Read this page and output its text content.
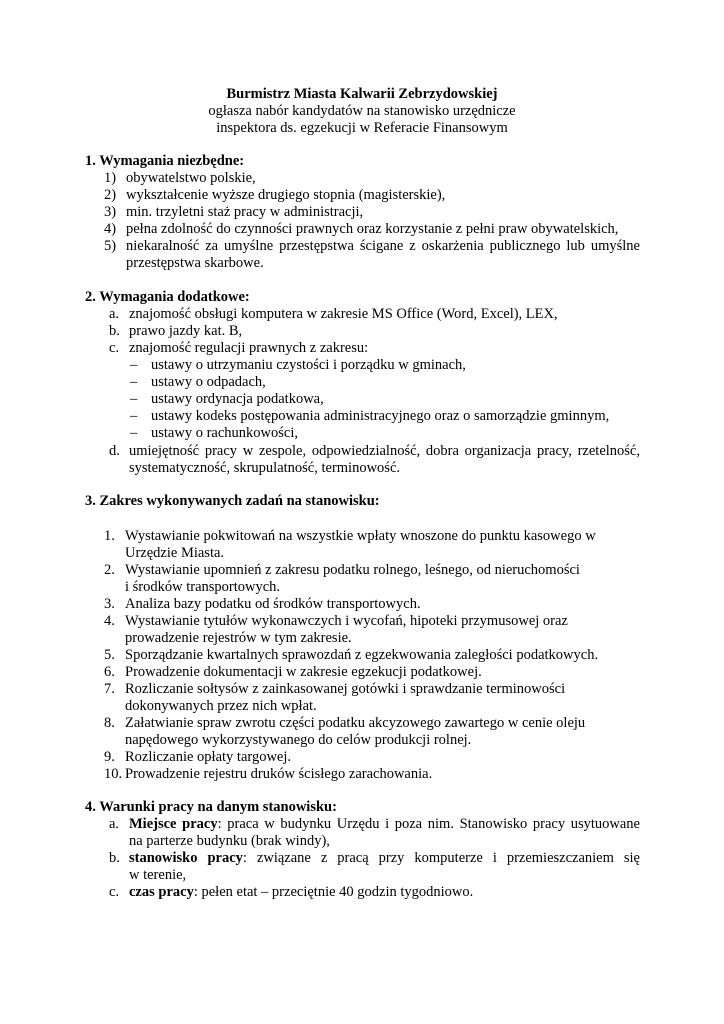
Burmistrz Miasta Kalwarii Zebrzydowskiej
ogłasza nabór kandydatów na stanowisko urzędnicze
inspektora ds. egzekucji w Referacie Finansowym
1. Wymagania niezbędne:
1) obywatelstwo polskie,
2) wykształcenie wyższe drugiego stopnia (magisterskie),
3) min. trzyletni staż pracy w administracji,
4) pełna zdolność do czynności prawnych oraz korzystanie z pełni praw obywatelskich,
5) niekaralność za umyślne przestępstwa ścigane z oskarżenia publicznego lub umyślne
przestępstwa skarbowe.
2. Wymagania dodatkowe:
a. znajomość obsługi komputera w zakresie MS Office (Word, Excel), LEX,
b. prawo jazdy kat. B,
c. znajomość regulacji prawnych z zakresu:
– ustawy o utrzymaniu czystości i porządku w gminach,
– ustawy o odpadach,
– ustawy ordynacja podatkowa,
– ustawy kodeks postępowania administracyjnego oraz o samorządzie gminnym,
– ustawy o rachunkowości,
d. umiejętność pracy w zespole, odpowiedzialność, dobra organizacja pracy, rzetelność,
systematyczność, skrupulatność, terminowość.
3. Zakres wykonywanych zadań na stanowisku:
1. Wystawianie pokwitowań na wszystkie wpłaty wnoszone do punktu kasowego w
Urzędzie Miasta.
2. Wystawianie upomnień z zakresu podatku rolnego, leśnego, od nieruchomości
i środków transportowych.
3. Analiza bazy podatku od środków transportowych.
4. Wystawianie tytułów wykonawczych i wycofań, hipoteki przymusowej oraz
prowadzenie rejestrów w tym zakresie.
5. Sporządzanie kwartalnych sprawozdań z egzekwowania zaległości podatkowych.
6. Prowadzenie dokumentacji w zakresie egzekucji podatkowej.
7. Rozliczanie sołtysów z zainkasowanej gotówki i sprawdzanie terminowości
dokonywanych przez nich wpłat.
8. Załatwianie spraw zwrotu części podatku akcyzowego zawartego w cenie oleju
napędowego wykorzystywanego do celów produkcji rolnej.
9. Rozliczanie opłaty targowej.
10. Prowadzenie rejestru druków ścisłego zarachowania.
4. Warunki pracy na danym stanowisku:
a. Miejsce pracy: praca w budynku Urzędu i poza nim. Stanowisko pracy usytuowane
na parterze budynku (brak windy),
b. stanowisko pracy: związane z pracą przy komputerze i przemieszczaniem się
w terenie,
c. czas pracy: pełen etat – przeciętnie 40 godzin tygodniowo.
